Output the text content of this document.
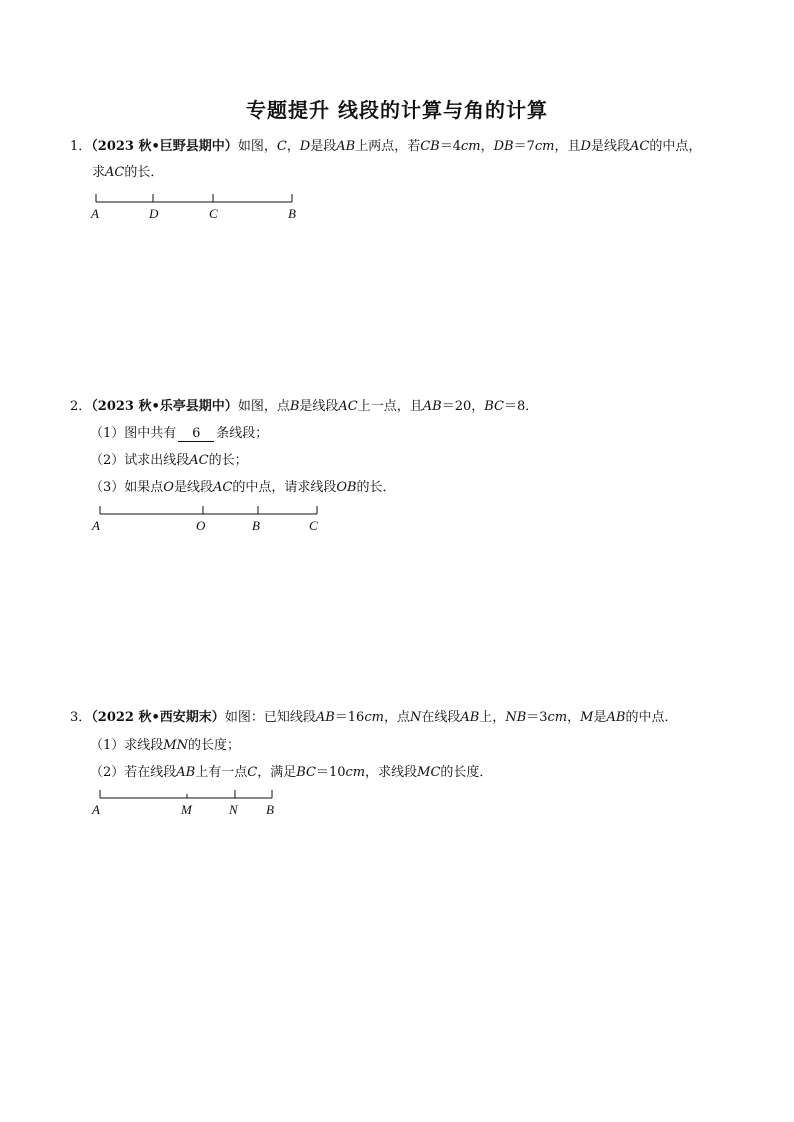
专题提升 线段的计算与角的计算
1．（2023 秋•巨野县期中）如图，C，D是段AB上两点，若CB＝4cm，DB＝7cm，且D是线段AC的中点，
求AC的长．
A	D	C	B
2．（2023 秋•乐亭县期中）如图，点B是线段AC上一点，且AB＝20，BC＝8．
（1）图中共有 6 条线段；
（2）试求出线段AC的长；
（3）如果点O是线段AC的中点，请求线段OB的长．
A	O	B	C
3．（2022 秋•西安期末）如图：已知线段AB＝16cm，点N在线段AB上，NB＝3cm，M是AB的中点．
（1）求线段MN的长度；
（2）若在线段AB上有一点C，满足BC＝10cm，求线段MC的长度．
A	M	N B
